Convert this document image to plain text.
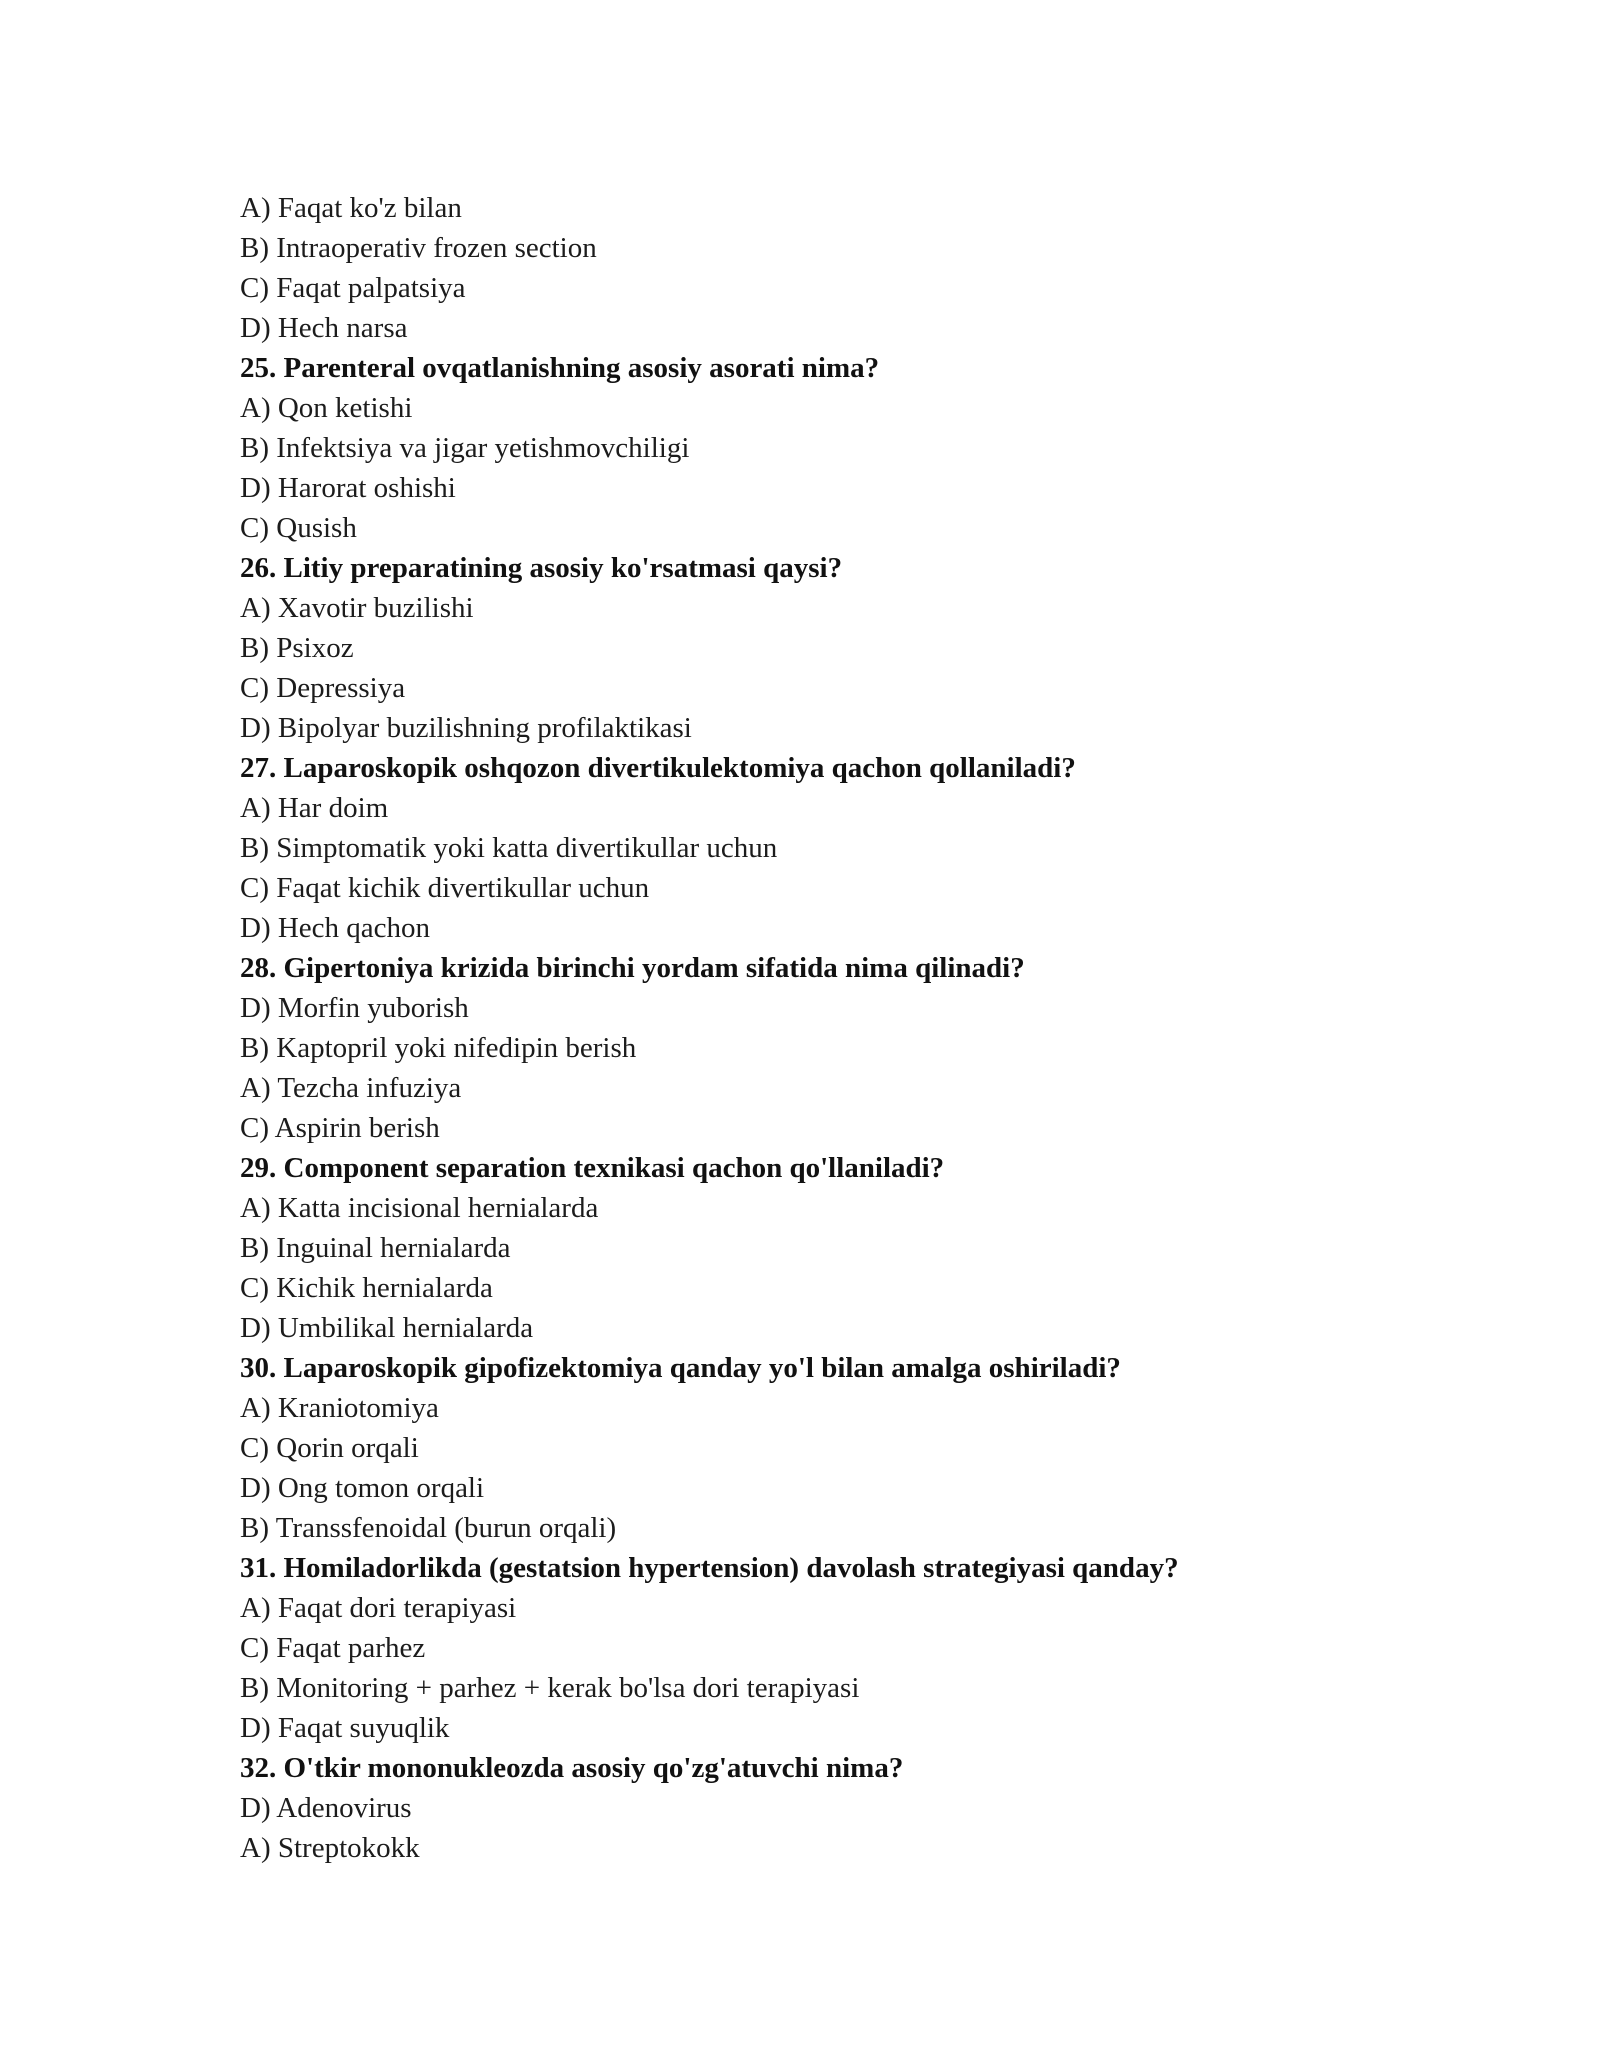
A) Faqat ko'z bilan
B) Intraoperativ frozen section
C) Faqat palpatsiya
D) Hech narsa
25. Parenteral ovqatlanishning asosiy asorati nima?
A) Qon ketishi
B) Infektsiya va jigar yetishmovchiligi
D) Harorat oshishi
C) Qusish
26. Litiy preparatining asosiy ko'rsatmasi qaysi?
A) Xavotir buzilishi
B) Psixoz
C) Depressiya
D) Bipolyar buzilishning profilaktikasi
27. Laparoskopik oshqozon divertikulektomiya qachon qollaniladi?
A) Har doim
B) Simptomatik yoki katta divertikullar uchun
C) Faqat kichik divertikullar uchun
D) Hech qachon
28. Gipertoniya krizida birinchi yordam sifatida nima qilinadi?
D) Morfin yuborish
B) Kaptopril yoki nifedipin berish
A) Tezcha infuziya
C) Aspirin berish
29. Component separation texnikasi qachon qo'llaniladi?
A) Katta incisional hernialarda
B) Inguinal hernialarda
C) Kichik hernialarda
D) Umbilikal hernialarda
30. Laparoskopik gipofizektomiya qanday yo'l bilan amalga oshiriladi?
A) Kraniotomiya
C) Qorin orqali
D) Ong tomon orqali
B) Transsfenoidal (burun orqali)
31. Homiladorlikda (gestatsion hypertension) davolash strategiyasi qanday?
A) Faqat dori terapiyasi
C) Faqat parhez
B) Monitoring + parhez + kerak bo'lsa dori terapiyasi
D) Faqat suyuqlik
32. O'tkir mononukleozda asosiy qo'zg'atuvchi nima?
D) Adenovirus
A) Streptokokk
